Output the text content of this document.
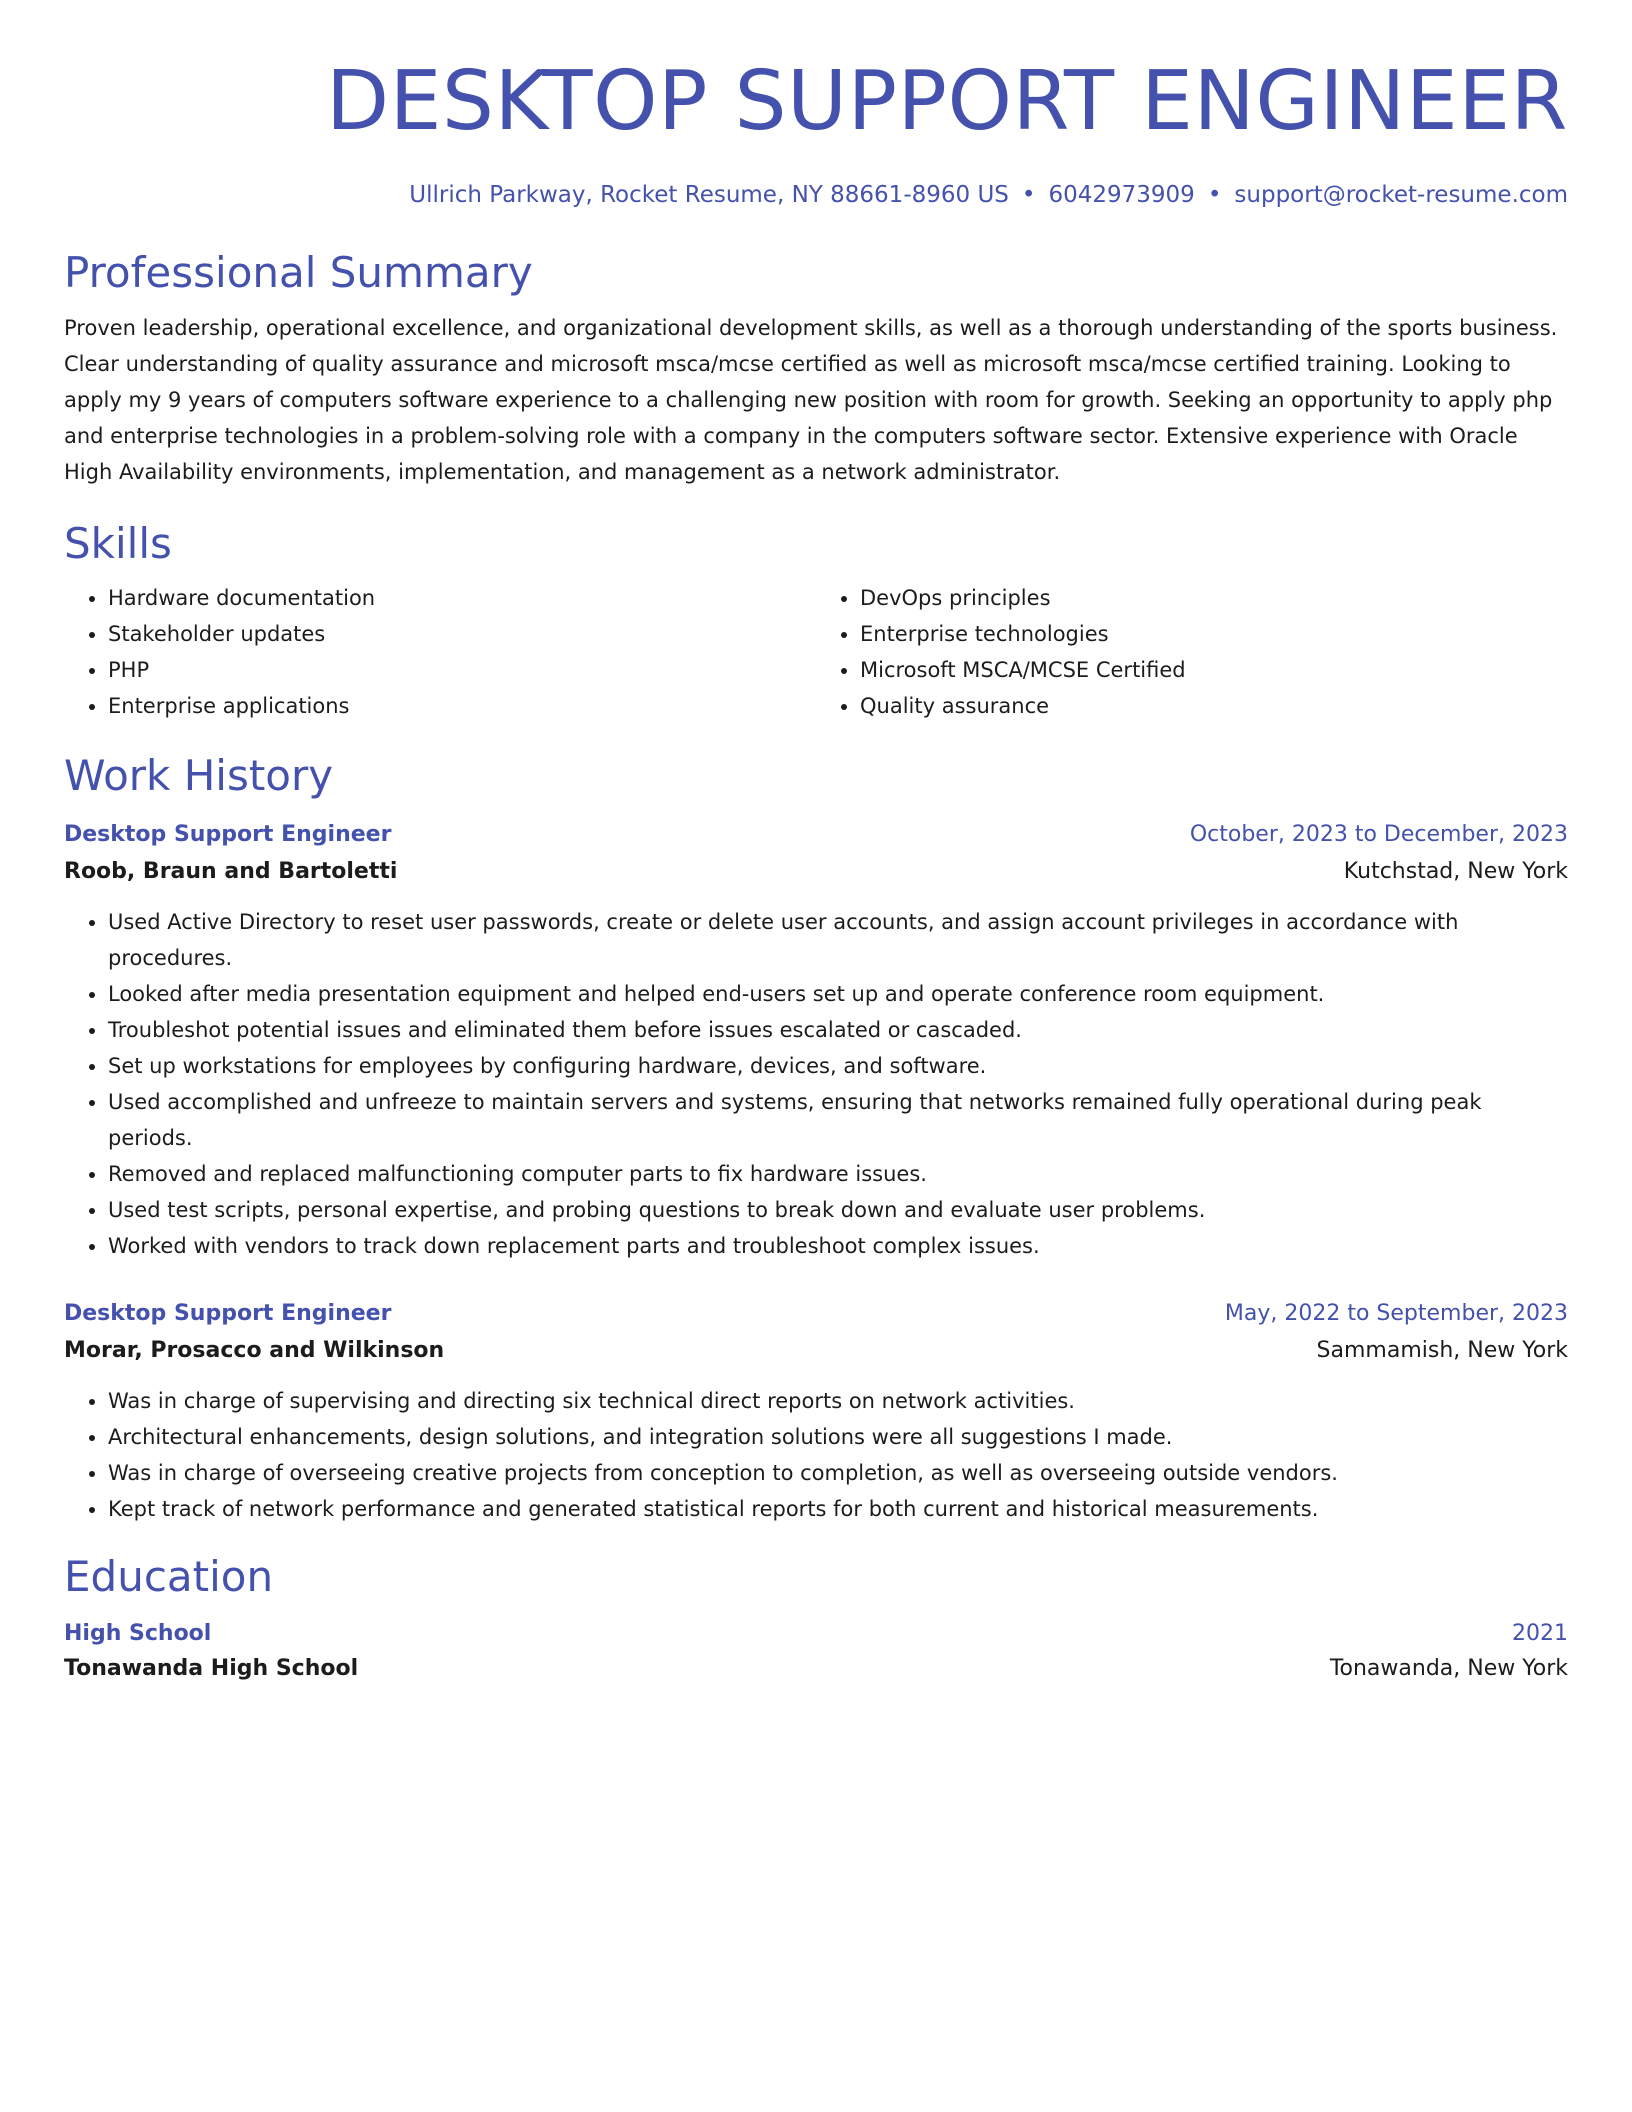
DESKTOP SUPPORT ENGINEER
Ullrich Parkway, Rocket Resume, NY 88661-8960 US • 6042973909 • support@rocket-resume.com
Professional Summary

Proven leadership, operational excellence, and organizational development skills, as well as a thorough understanding of the sports business. Clear understanding of quality assurance and microsoft msca/mcse certified as well as microsoft msca/mcse certified training. Looking to apply my 9 years of computers software experience to a challenging new position with room for growth. Seeking an opportunity to apply php and enterprise technologies in a problem-solving role with a company in the computers software sector. Extensive experience with Oracle High Availability environments, implementation, and management as a network administrator.

Skills
• Hardware documentation
• Stakeholder updates
• PHP
• Enterprise applications
• DevOps principles
• Enterprise technologies
• Microsoft MSCA/MCSE Certified
• Quality assurance
Work History
Desktop Support Engineer	October, 2023 to December, 2023
Roob, Braun and Bartoletti	Kutchstad, New York
• Used Active Directory to reset user passwords, create or delete user accounts, and assign account privileges in accordance with procedures.
• Looked after media presentation equipment and helped end-users set up and operate conference room equipment.
• Troubleshot potential issues and eliminated them before issues escalated or cascaded.
• Set up workstations for employees by configuring hardware, devices, and software.
• Used accomplished and unfreeze to maintain servers and systems, ensuring that networks remained fully operational during peak periods.
• Removed and replaced malfunctioning computer parts to fix hardware issues.
• Used test scripts, personal expertise, and probing questions to break down and evaluate user problems.
• Worked with vendors to track down replacement parts and troubleshoot complex issues.
Desktop Support Engineer	May, 2022 to September, 2023
Morar, Prosacco and Wilkinson	Sammamish, New York
• Was in charge of supervising and directing six technical direct reports on network activities.
• Architectural enhancements, design solutions, and integration solutions were all suggestions I made.
• Was in charge of overseeing creative projects from conception to completion, as well as overseeing outside vendors.
• Kept track of network performance and generated statistical reports for both current and historical measurements.
Education
High School	2021
Tonawanda High School	Tonawanda, New York
